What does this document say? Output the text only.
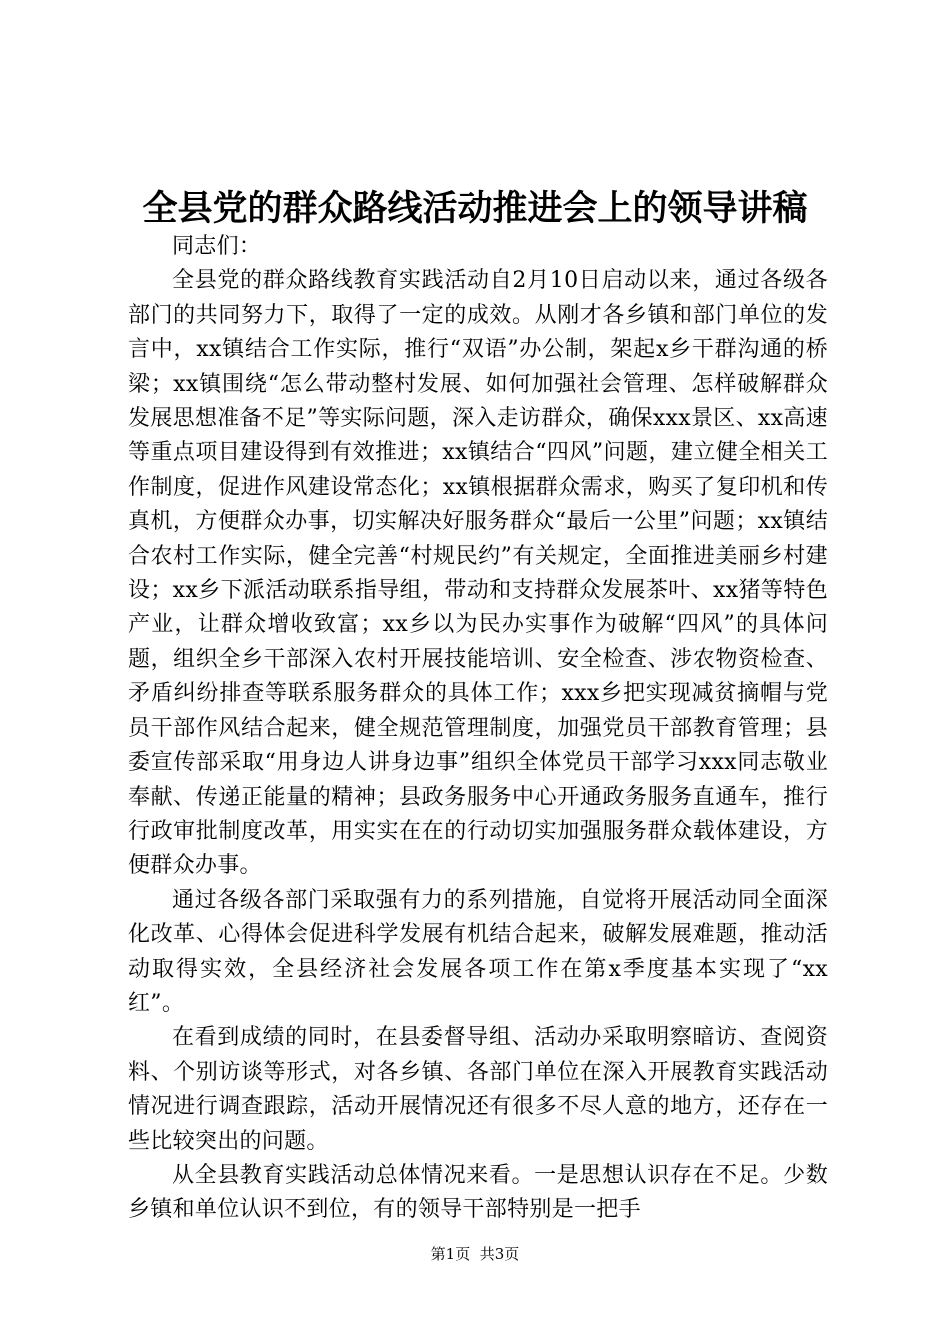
全县党的群众路线活动推进会上的领导讲稿

同志们：

全县党的群众路线教育实践活动自2月10日启动以来，通过各级各部门的共同努力下，取得了一定的成效。从刚才各乡镇和部门单位的发言中，xx镇结合工作实际，推行“双语”办公制，架起x乡干群沟通的桥梁；xx镇围绕“怎么带动整村发展、如何加强社会管理、怎样破解群众发展思想准备不足”等实际问题，深入走访群众，确保xxx景区、xx高速等重点项目建设得到有效推进；xx镇结合“四风”问题，建立健全相关工作制度，促进作风建设常态化；xx镇根据群众需求，购买了复印机和传真机，方便群众办事，切实解决好服务群众“最后一公里”问题；xx镇结合农村工作实际，健全完善“村规民约”有关规定，全面推进美丽乡村建设；xx乡下派活动联系指导组，带动和支持群众发展茶叶、xx猪等特色产业，让群众增收致富；xx乡以为民办实事作为破解“四风”的具体问题，组织全乡干部深入农村开展技能培训、安全检查、涉农物资检查、矛盾纠纷排查等联系服务群众的具体工作；xxx乡把实现减贫摘帽与党员干部作风结合起来，健全规范管理制度，加强党员干部教育管理；县委宣传部采取“用身边人讲身边事”组织全体党员干部学习xxx同志敬业奉献、传递正能量的精神；县政务服务中心开通政务服务直通车，推行行政审批制度改革，用实实在在的行动切实加强服务群众载体建设，方便群众办事。

通过各级各部门采取强有力的系列措施，自觉将开展活动同全面深化改革、心得体会促进科学发展有机结合起来，破解发展难题，推动活动取得实效，全县经济社会发展各项工作在第x季度基本实现了“xx红”。

在看到成绩的同时，在县委督导组、活动办采取明察暗访、查阅资料、个别访谈等形式，对各乡镇、各部门单位在深入开展教育实践活动情况进行调查跟踪，活动开展情况还有很多不尽人意的地方，还存在一些比较突出的问题。

从全县教育实践活动总体情况来看。一是思想认识存在不足。少数乡镇和单位认识不到位，有的领导干部特别是一把手

第1页 共3页
